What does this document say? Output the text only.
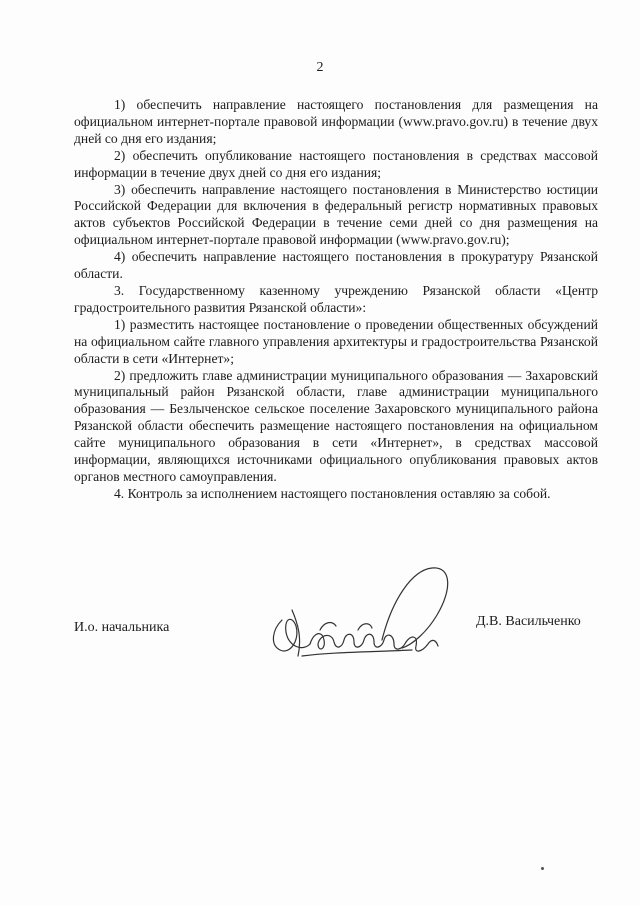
2

1) обеспечить направление настоящего постановления для размещения на официальном интернет-портале правовой информации (www.pravo.gov.ru) в течение двух дней со дня его издания;

2) обеспечить опубликование настоящего постановления в средствах массовой информации в течение двух дней со дня его издания;

3) обеспечить направление настоящего постановления в Министерство юстиции Российской Федерации для включения в федеральный регистр нормативных правовых актов субъектов Российской Федерации в течение семи дней со дня размещения на официальном интернет-портале правовой информации (www.pravo.gov.ru);

4) обеспечить направление настоящего постановления в прокуратуру Рязанской области.

3. Государственному казенному учреждению Рязанской области «Центр градостроительного развития Рязанской области»:

1) разместить настоящее постановление о проведении общественных обсуждений на официальном сайте главного управления архитектуры и градостроительства Рязанской области в сети «Интернет»;

2) предложить главе администрации муниципального образования — Захаровский муниципальный район Рязанской области, главе администрации муниципального образования — Безлыченское сельское поселение Захаровского муниципального района Рязанской области обеспечить размещение настоящего постановления на официальном сайте муниципального образования в сети «Интернет», в средствах массовой информации, являющихся источниками официального опубликования правовых актов органов местного самоуправления.

4. Контроль за исполнением настоящего постановления оставляю за собой.

И.о. начальника	Д.В. Васильченко
